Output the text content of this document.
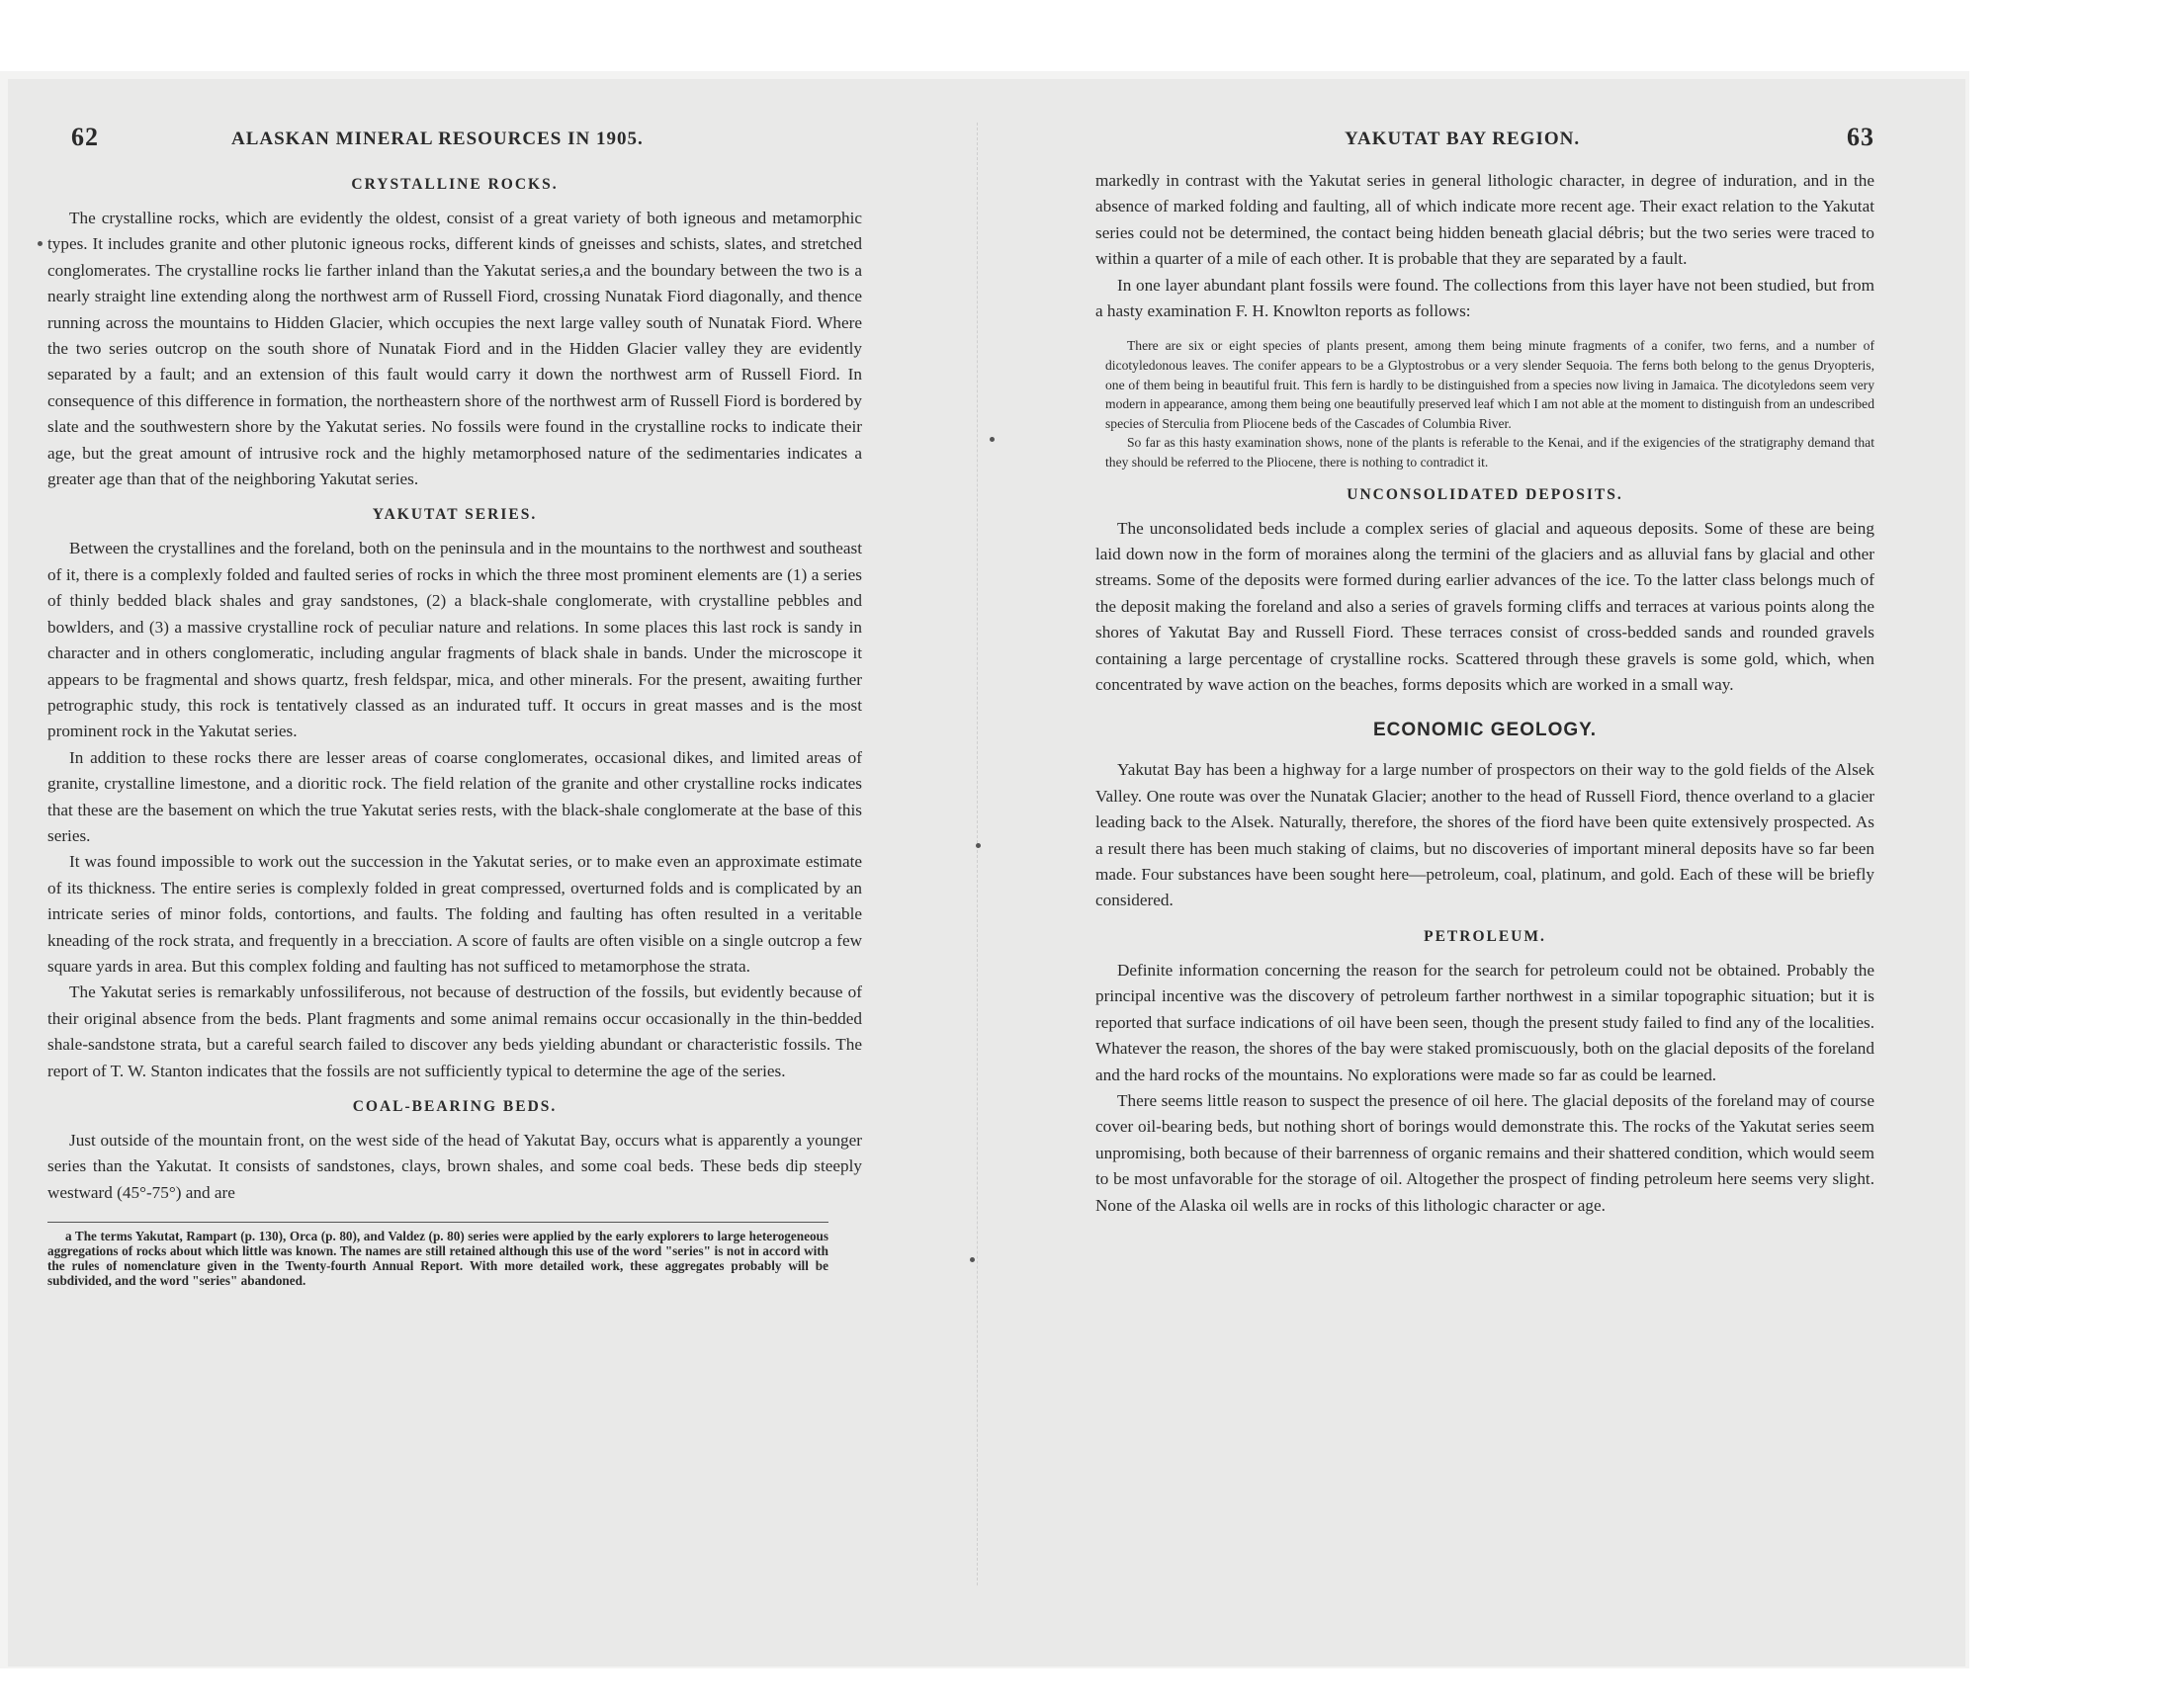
62	ALASKAN MINERAL RESOURCES IN 1905.
CRYSTALLINE ROCKS.

The crystalline rocks, which are evidently the oldest, consist of a great variety of both igneous and metamorphic types. It includes granite and other plutonic igneous rocks, different kinds of gneisses and schists, slates, and stretched conglomerates. The crystalline rocks lie farther inland than the Yakutat series,a and the boundary between the two is a nearly straight line extending along the northwest arm of Russell Fiord, crossing Nunatak Fiord diagonally, and thence running across the mountains to Hidden Glacier, which occupies the next large valley south of Nunatak Fiord. Where the two series outcrop on the south shore of Nunatak Fiord and in the Hidden Glacier valley they are evidently separated by a fault; and an extension of this fault would carry it down the northwest arm of Russell Fiord. In consequence of this difference in formation, the northeastern shore of the northwest arm of Russell Fiord is bordered by slate and the southwestern shore by the Yakutat series. No fossils were found in the crystalline rocks to indicate their age, but the great amount of intrusive rock and the highly metamorphosed nature of the sedimentaries indicates a greater age than that of the neighboring Yakutat series.

YAKUTAT SERIES.

Between the crystallines and the foreland, both on the peninsula and in the mountains to the northwest and southeast of it, there is a complexly folded and faulted series of rocks in which the three most prominent elements are (1) a series of thinly bedded black shales and gray sandstones, (2) a black-shale conglomerate, with crystalline pebbles and bowlders, and (3) a massive crystalline rock of peculiar nature and relations. In some places this last rock is sandy in character and in others conglomeratic, including angular fragments of black shale in bands. Under the microscope it appears to be fragmental and shows quartz, fresh feldspar, mica, and other minerals. For the present, awaiting further petrographic study, this rock is tentatively classed as an indurated tuff. It occurs in great masses and is the most prominent rock in the Yakutat series.

In addition to these rocks there are lesser areas of coarse conglomerates, occasional dikes, and limited areas of granite, crystalline limestone, and a dioritic rock. The field relation of the granite and other crystalline rocks indicates that these are the basement on which the true Yakutat series rests, with the black-shale conglomerate at the base of this series.

It was found impossible to work out the succession in the Yakutat series, or to make even an approximate estimate of its thickness. The entire series is complexly folded in great compressed, overturned folds and is complicated by an intricate series of minor folds, contortions, and faults. The folding and faulting has often resulted in a veritable kneading of the rock strata, and frequently in a brecciation. A score of faults are often visible on a single outcrop a few square yards in area. But this complex folding and faulting has not sufficed to metamorphose the strata.

The Yakutat series is remarkably unfossiliferous, not because of destruction of the fossils, but evidently because of their original absence from the beds. Plant fragments and some animal remains occur occasionally in the thin-bedded shale-sandstone strata, but a careful search failed to discover any beds yielding abundant or characteristic fossils. The report of T. W. Stanton indicates that the fossils are not sufficiently typical to determine the age of the series.

COAL-BEARING BEDS.

Just outside of the mountain front, on the west side of the head of Yakutat Bay, occurs what is apparently a younger series than the Yakutat. It consists of sandstones, clays, brown shales, and some coal beds. These beds dip steeply westward (45°-75°) and are

a The terms Yakutat, Rampart (p. 130), Orca (p. 80), and Valdez (p. 80) series were applied by the early explorers to large heterogeneous aggregations of rocks about which little was known. The names are still retained although this use of the word "series" is not in accord with the rules of nomenclature given in the Twenty-fourth Annual Report. With more detailed work, these aggregates probably will be subdivided, and the word "series" abandoned.

YAKUTAT BAY REGION.	63

markedly in contrast with the Yakutat series in general lithologic character, in degree of induration, and in the absence of marked folding and faulting, all of which indicate more recent age. Their exact relation to the Yakutat series could not be determined, the contact being hidden beneath glacial débris; but the two series were traced to within a quarter of a mile of each other. It is probable that they are separated by a fault.

In one layer abundant plant fossils were found. The collections from this layer have not been studied, but from a hasty examination F. H. Knowlton reports as follows:

There are six or eight species of plants present, among them being minute fragments of a conifer, two ferns, and a number of dicotyledonous leaves. The conifer appears to be a Glyptostrobus or a very slender Sequoia. The ferns both belong to the genus Dryopteris, one of them being in beautiful fruit. This fern is hardly to be distinguished from a species now living in Jamaica. The dicotyledons seem very modern in appearance, among them being one beautifully preserved leaf which I am not able at the moment to distinguish from an undescribed species of Sterculia from Pliocene beds of the Cascades of Columbia River.

So far as this hasty examination shows, none of the plants is referable to the Kenai, and if the exigencies of the stratigraphy demand that they should be referred to the Pliocene, there is nothing to contradict it.

UNCONSOLIDATED DEPOSITS.

The unconsolidated beds include a complex series of glacial and aqueous deposits. Some of these are being laid down now in the form of moraines along the termini of the glaciers and as alluvial fans by glacial and other streams. Some of the deposits were formed during earlier advances of the ice. To the latter class belongs much of the deposit making the foreland and also a series of gravels forming cliffs and terraces at various points along the shores of Yakutat Bay and Russell Fiord. These terraces consist of cross-bedded sands and rounded gravels containing a large percentage of crystalline rocks. Scattered through these gravels is some gold, which, when concentrated by wave action on the beaches, forms deposits which are worked in a small way.

ECONOMIC GEOLOGY.

Yakutat Bay has been a highway for a large number of prospectors on their way to the gold fields of the Alsek Valley. One route was over the Nunatak Glacier; another to the head of Russell Fiord, thence overland to a glacier leading back to the Alsek. Naturally, therefore, the shores of the fiord have been quite extensively prospected. As a result there has been much staking of claims, but no discoveries of important mineral deposits have so far been made. Four substances have been sought here—petroleum, coal, platinum, and gold. Each of these will be briefly considered.

PETROLEUM.

Definite information concerning the reason for the search for petroleum could not be obtained. Probably the principal incentive was the discovery of petroleum farther northwest in a similar topographic situation; but it is reported that surface indications of oil have been seen, though the present study failed to find any of the localities. Whatever the reason, the shores of the bay were staked promiscuously, both on the glacial deposits of the foreland and the hard rocks of the mountains. No explorations were made so far as could be learned.

There seems little reason to suspect the presence of oil here. The glacial deposits of the foreland may of course cover oil-bearing beds, but nothing short of borings would demonstrate this. The rocks of the Yakutat series seem unpromising, both because of their barrenness of organic remains and their shattered condition, which would seem to be most unfavorable for the storage of oil. Altogether the prospect of finding petroleum here seems very slight. None of the Alaska oil wells are in rocks of this lithologic character or age.
